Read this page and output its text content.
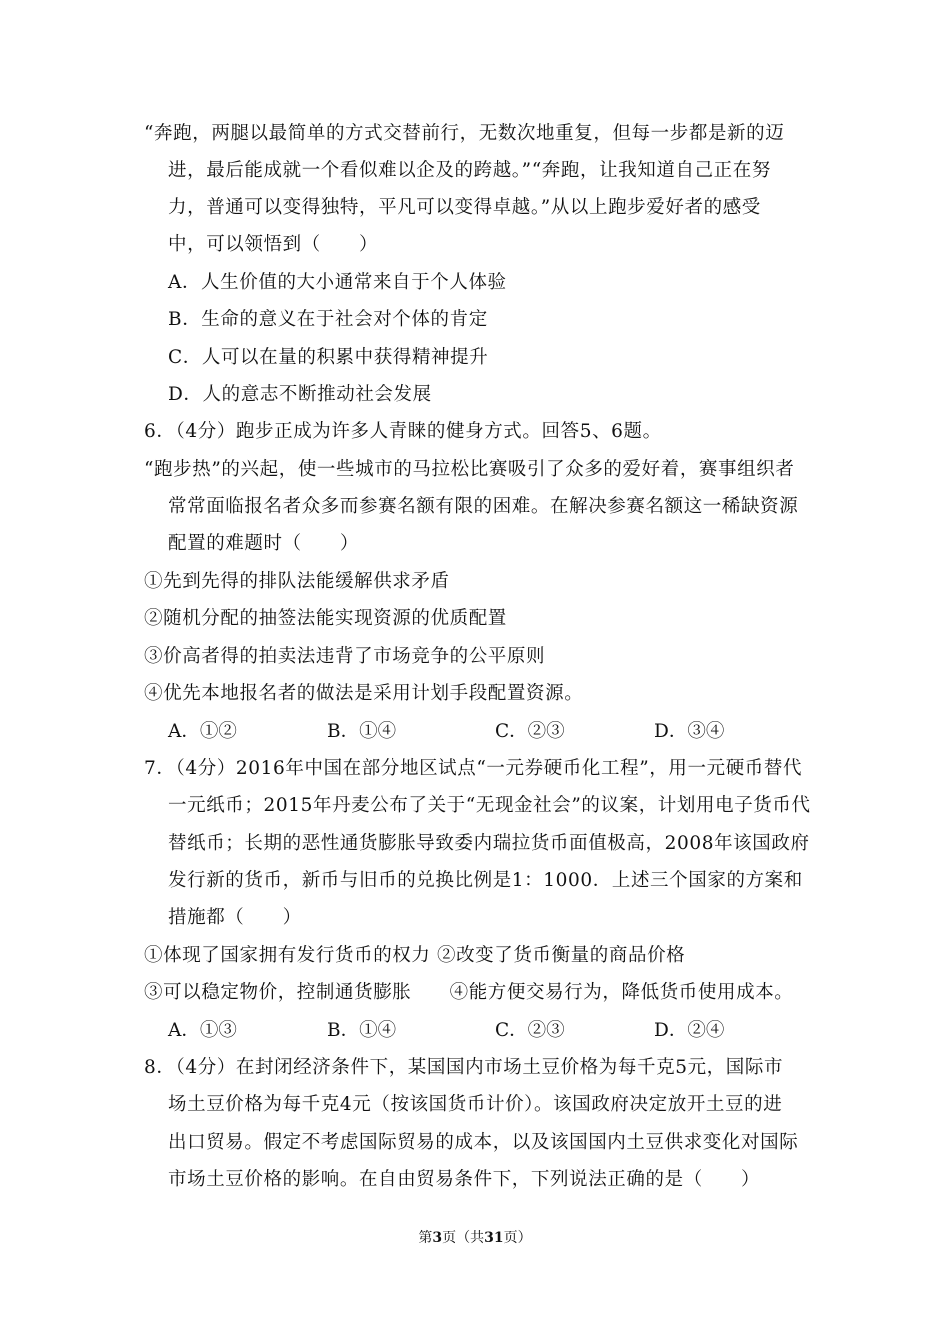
“奔跑，两腿以最简单的方式交替前行，无数次地重复，但每一步都是新的迈
进，最后能成就一个看似难以企及的跨越。”“奔跑，让我知道自己正在努
力，普通可以变得独特，平凡可以变得卓越。”从以上跑步爱好者的感受
中，可以领悟到（　　）
A．人生价值的大小通常来自于个人体验
B．生命的意义在于社会对个体的肯定
C．人可以在量的积累中获得精神提升
D．人的意志不断推动社会发展
6．（4分）跑步正成为许多人青睐的健身方式。回答5、6题。
“跑步热”的兴起，使一些城市的马拉松比赛吸引了众多的爱好着，赛事组织者
常常面临报名者众多而参赛名额有限的困难。在解决参赛名额这一稀缺资源
配置的难题时（　　）
①先到先得的排队法能缓解供求矛盾
②随机分配的抽签法能实现资源的优质配置
③价高者得的拍卖法违背了市场竞争的公平原则
④优先本地报名者的做法是采用计划手段配置资源。
A．①②	B．①④	C．②③	D．③④
7．（4分）2016年中国在部分地区试点“一元券硬币化工程”，用一元硬币替代
一元纸币；2015年丹麦公布了关于“无现金社会”的议案，计划用电子货币代
替纸币；长期的恶性通货膨胀导致委内瑞拉货币面值极高，2008年该国政府
发行新的货币，新币与旧币的兑换比例是1：1000．上述三个国家的方案和
措施都（　　）
①体现了国家拥有发行货币的权力 ②改变了货币衡量的商品价格
③可以稳定物价，控制通货膨胀　　④能方便交易行为，降低货币使用成本。
A．①③	B．①④	C．②③	D．②④
8．（4分）在封闭经济条件下，某国国内市场土豆价格为每千克5元，国际市
场土豆价格为每千克4元（按该国货币计价）。该国政府决定放开土豆的进
出口贸易。假定不考虑国际贸易的成本，以及该国国内土豆供求变化对国际
市场土豆价格的影响。在自由贸易条件下，下列说法正确的是（　　）
第3页（共31页）
